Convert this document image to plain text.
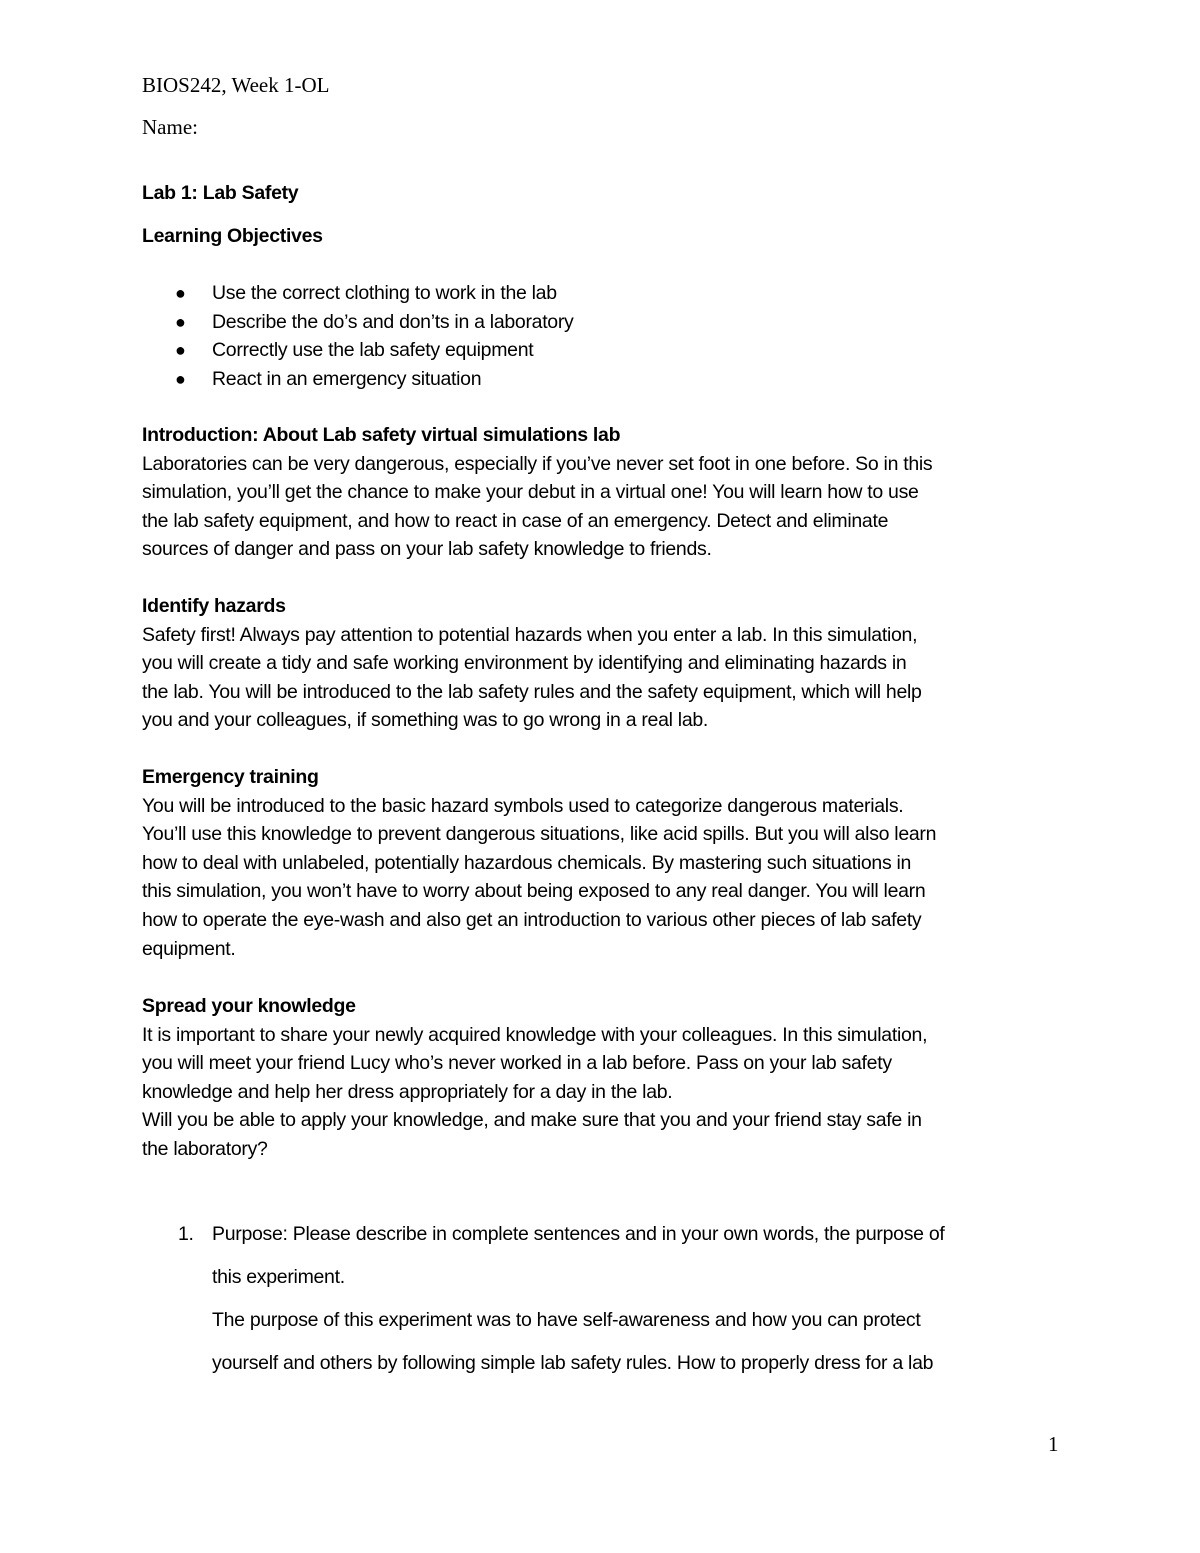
BIOS242, Week 1-OL
Name:
Lab 1: Lab Safety
Learning Objectives
● Use the correct clothing to work in the lab
● Describe the do’s and don’ts in a laboratory
● Correctly use the lab safety equipment
● React in an emergency situation
Introduction: About Lab safety virtual simulations lab
Laboratories can be very dangerous, especially if you’ve never set foot in one before. So in this
simulation, you’ll get the chance to make your debut in a virtual one! You will learn how to use
the lab safety equipment, and how to react in case of an emergency. Detect and eliminate
sources of danger and pass on your lab safety knowledge to friends.
Identify hazards
Safety first! Always pay attention to potential hazards when you enter a lab. In this simulation,
you will create a tidy and safe working environment by identifying and eliminating hazards in
the lab. You will be introduced to the lab safety rules and the safety equipment, which will help
you and your colleagues, if something was to go wrong in a real lab.
Emergency training
You will be introduced to the basic hazard symbols used to categorize dangerous materials.
You’ll use this knowledge to prevent dangerous situations, like acid spills. But you will also learn
how to deal with unlabeled, potentially hazardous chemicals. By mastering such situations in
this simulation, you won’t have to worry about being exposed to any real danger. You will learn
how to operate the eye-wash and also get an introduction to various other pieces of lab safety
equipment.
Spread your knowledge
It is important to share your newly acquired knowledge with your colleagues. In this simulation,
you will meet your friend Lucy who’s never worked in a lab before. Pass on your lab safety
knowledge and help her dress appropriately for a day in the lab.
Will you be able to apply your knowledge, and make sure that you and your friend stay safe in
the laboratory?
1. Purpose: Please describe in complete sentences and in your own words, the purpose of
this experiment.
The purpose of this experiment was to have self-awareness and how you can protect
yourself and others by following simple lab safety rules. How to properly dress for a lab
1
